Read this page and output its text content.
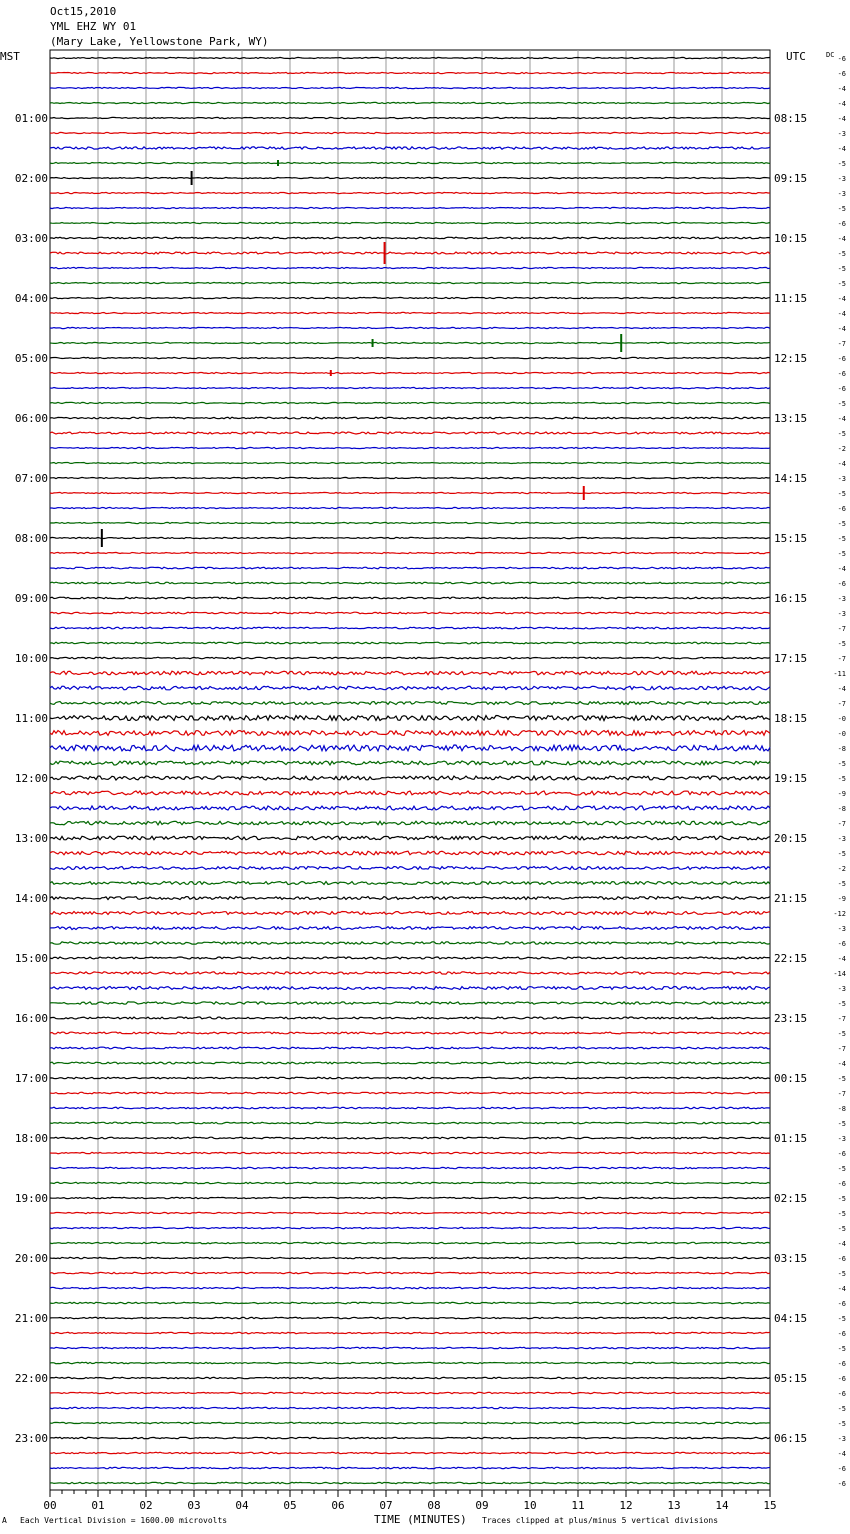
Oct15,2010
YML EHZ WY 01
(Mary Lake, Yellowstone Park, WY)
MST	UTC
01:00	08:15
02:00	09:15
03:00	10:15
04:00	11:15
05:00	12:15
06:00	13:15
07:00	14:15
08:00	15:15
09:00	16:15
10:00	17:15
11:00	18:15
12:00	19:15
13:00	20:15
14:00	21:15
15:00	22:15
16:00	23:15
17:00	00:15
18:00	01:15
19:00	02:15
20:00	03:15
21:00	04:15
22:00	05:15
23:00	06:15
DC -6
-6
-4
-4
-4
-3
-4
-5
-3
-3
-5
-6
-4
-5
-5
-5
-4
-4
-4
-7
-6
-6
-6
-5
-4
-5
-2
-4
-3
-5
-6
-5
-5
-5
-4
-6
-3
-3
-7
-5
-7
-11
-4
-7
-0
-0
-8
-5
-5
-9
-8
-7
-3
-5
-2
-5
-9
-12
-3
-6
-4
-14
-3
-5
-7
-5
-7
-4
-5
-7
-8
-5
-3
-6
-5
-6
-5
-5
-5
-4
-6
-5
-4
-6
-5
-6
-5
-6
-6
-6
-5
-5
-3
-4
-6
-6
00	01	02	03	04	05	06	07	08	09	10	11	12	13	14	15
A Each Vertical Division = 1600.00 microvolts	TIME (MINUTES) Traces clipped at plus/minus 5 vertical divisions
